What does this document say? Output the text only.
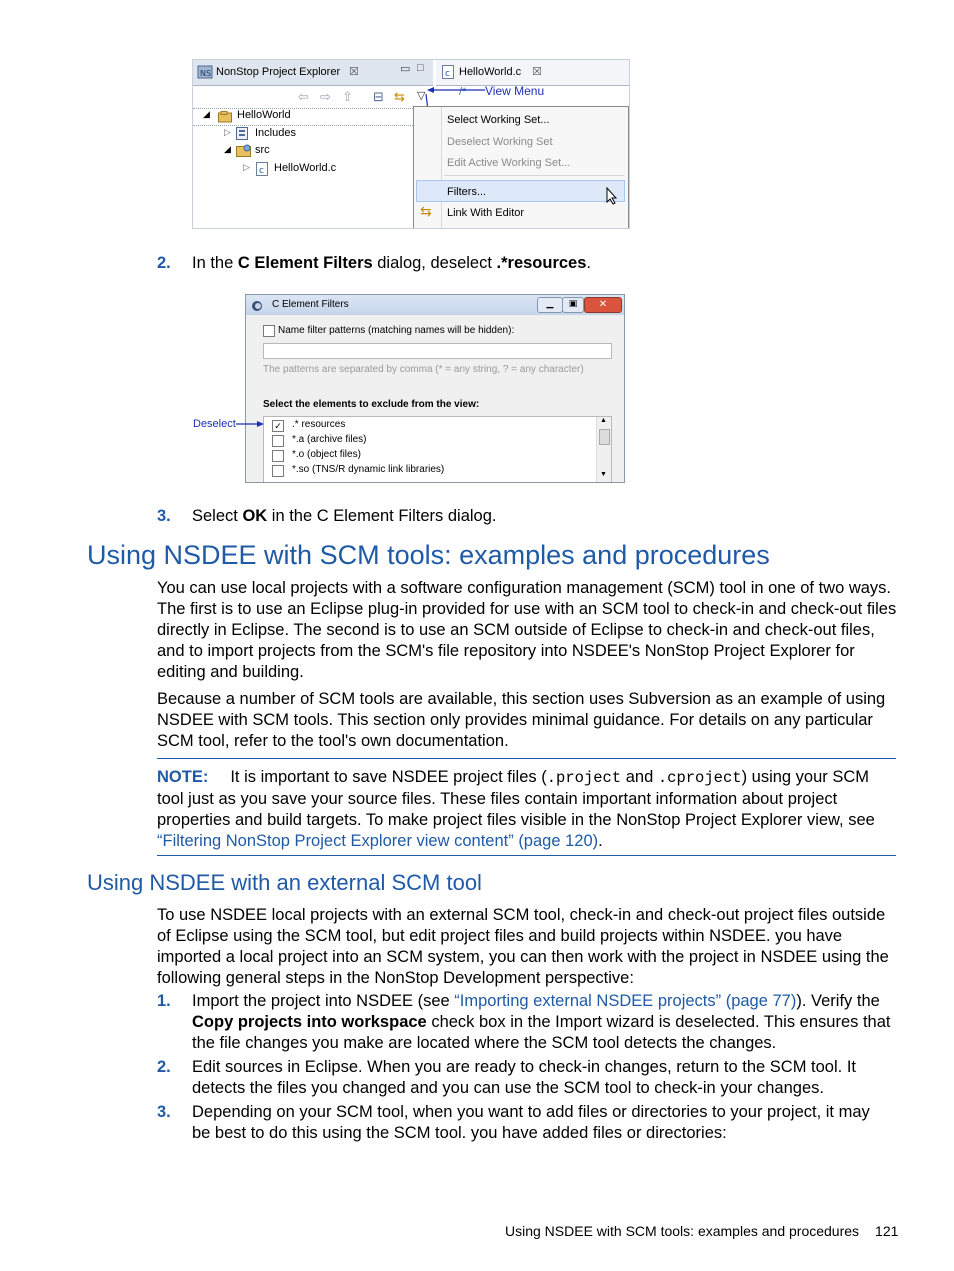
NS NonStop Project Explorer ☒	▭ □ c HelloWorld.c ☒
⇦ ⇨ ⇧ ⊟ ⇆ ▽	/* View Menu
◢ HelloWorld
▷ Includes
◢ src
▷ c HelloWorld.c
Select Working Set...
Deselect Working Set
Edit Active Working Set...
Filters...
⇆ Link With Editor
2. In the C Element Filters dialog, deselect .*resources.
C Element Filters	▁	▣	✕
Name filter patterns (matching names will be hidden):
The patterns are separated by comma (* = any string, ? = any character)
Select the elements to exclude from the view:
✓ .* resources
*.a (archive files)
*.o (object files)
*.so (TNS/R dynamic link libraries)
▲
▼
Deselect
3. Select OK in the C Element Filters dialog.
Using NSDEE with SCM tools: examples and procedures
You can use local projects with a software configuration management (SCM) tool in one of two ways. The first is to use an Eclipse plug-in provided for use with an SCM tool to check-in and check-out files directly in Eclipse. The second is to use an SCM outside of Eclipse to check-in and check-out files, and to import projects from the SCM's file repository into NSDEE's NonStop Project Explorer for editing and building.
Because a number of SCM tools are available, this section uses Subversion as an example of using NSDEE with SCM tools. This section only provides minimal guidance. For details on any particular SCM tool, refer to the tool's own documentation.
NOTE: It is important to save NSDEE project files (.project and .cproject) using your SCM tool just as you save your source files. These files contain important information about project properties and build targets. To make project files visible in the NonStop Project Explorer view, see “Filtering NonStop Project Explorer view content” (page 120).
Using NSDEE with an external SCM tool
To use NSDEE local projects with an external SCM tool, check-in and check-out project files outside of Eclipse using the SCM tool, but edit project files and build projects within NSDEE. you have imported a local project into an SCM system, you can then work with the project in NSDEE using the following general steps in the NonStop Development perspective:
1. Import the project into NSDEE (see “Importing external NSDEE projects” (page 77)). Verify the Copy projects into workspace check box in the Import wizard is deselected. This ensures that the file changes you make are located where the SCM tool detects the changes.
2. Edit sources in Eclipse. When you are ready to check-in changes, return to the SCM tool. It detects the files you changed and you can use the SCM tool to check-in your changes.
3. Depending on your SCM tool, when you want to add files or directories to your project, it may be best to do this using the SCM tool. you have added files or directories:
Using NSDEE with SCM tools: examples and procedures 121
